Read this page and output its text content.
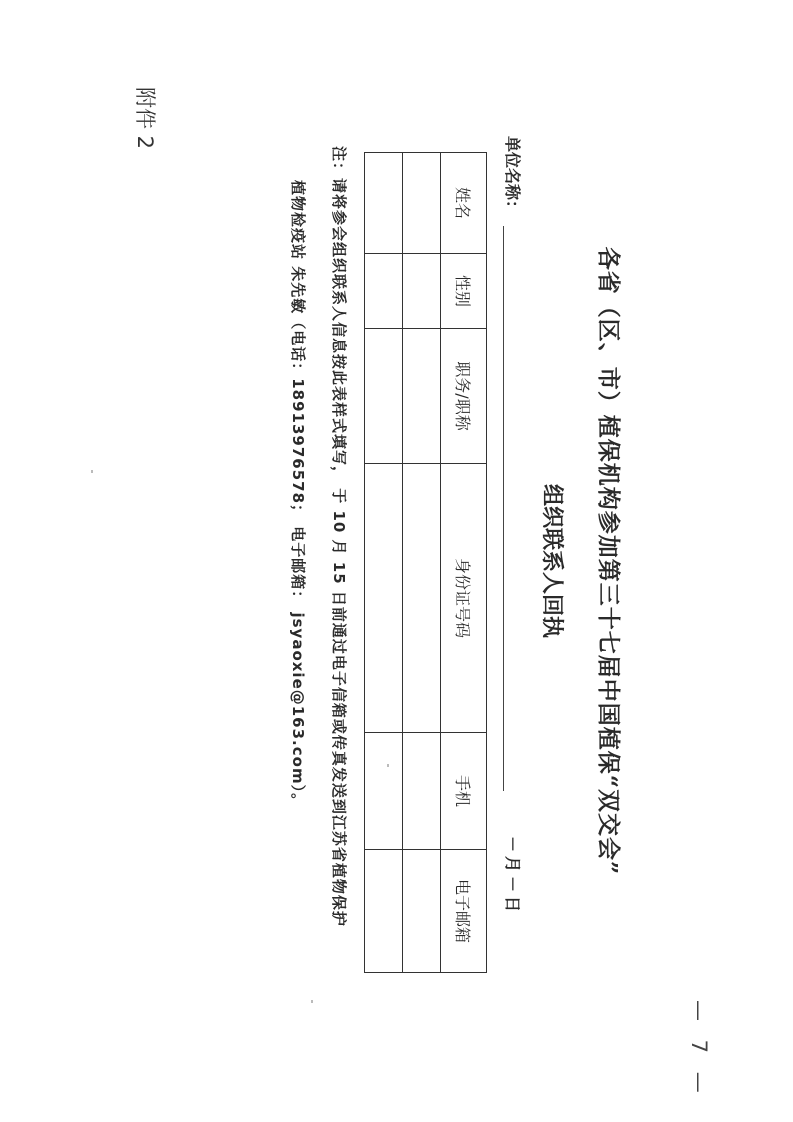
附件 2
各省（区、市）植保机构参加第三十七届中国植保“双交会”
组织联系人回执
单位名称：
－月－日
姓名	性别	职务/职称	身份证号码	手机	电子邮箱

注：请将参会组织联系人信息按此表样式填写， 于 10 月 15 日前通过电子信箱或传真发送到江苏省植物保护
植物检疫站 朱先敏（电话：18913976578； 电子邮箱： jsyaoxie@163.com）。
— 7 —
